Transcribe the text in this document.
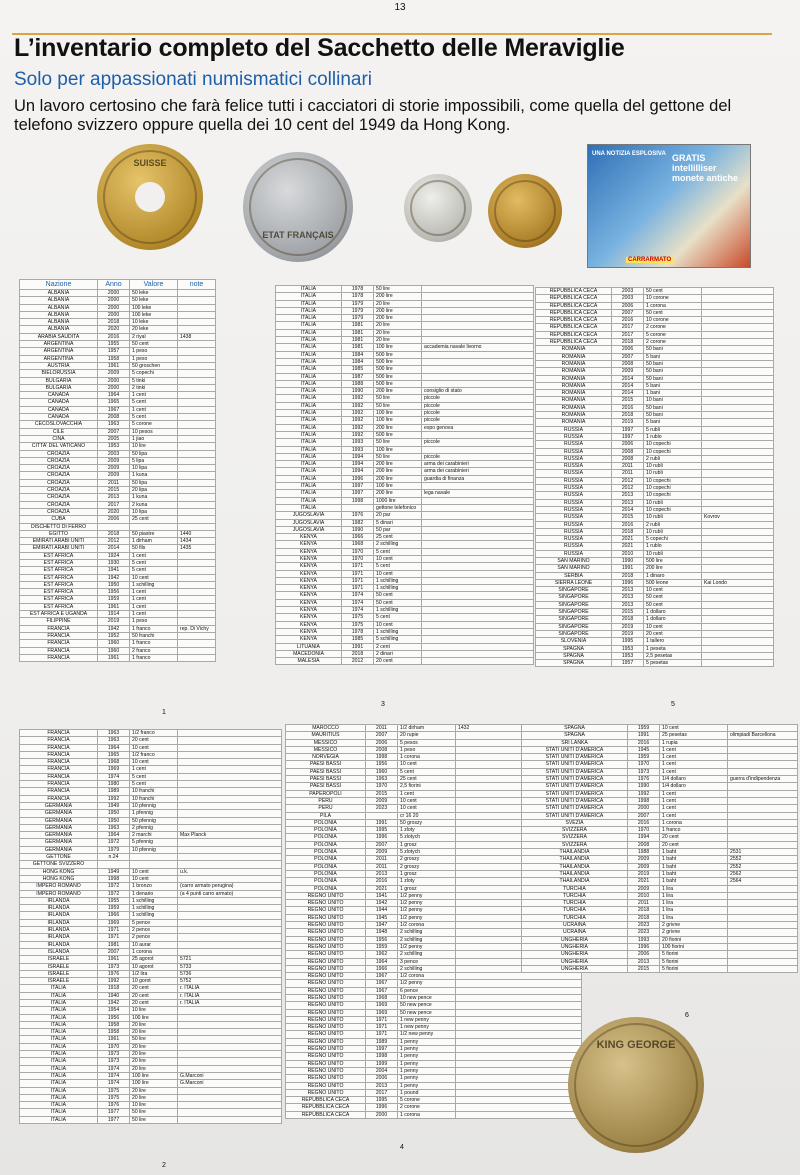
13
L’inventario completo del Sacchetto delle Meraviglie
Solo per appassionati numismatici collinari
Un lavoro certosino che farà felice tutti i cacciatori di storie impossibili, come quella del gettone del telefono svizzero oppure quella dei 10 cent del 1949 da Hong Kong.
SUISSE
ETAT FRANÇAIS
UNA NOTIZIA ESPLOSIVA GRATIS intellilliser monete antiche
CARRARMATO
Nazione	Anno	Valore	note
ALBANIA	2000	50 leke	
ALBANIA	2000	50 leke	
ALBANIA	2000	100 leke	
ALBANIA	2000	100 leke	
ALBANIA	2018	10 leke	
ALBANIA	2020	20 leke	
ARABIA SAUDITA	2016	2 riyal	1438
ARGENTINA	1955	50 cent	
ARGENTINA	1957	1 peso	
ARGENTINA	1958	1 peso	
AUSTRIA	1961	50 groschen	
BIELORUSSIA	2009	5 copechi	
BULGARIA	2000	5 tinki	
BULGARIA	2000	2 tinki	
CANADA	1964	1 cent	
CANADA	1965	5 cent	
CANADA	1967	1 cent	
CANADA	2008	5 cent	
CECOSLOVACCHIA	1963	5 corone	
CILE	2007	10 pesos	
CINA	2005	1 jiao	
CITTA' DEL VATICANO	1953	10 lire	
CROAZIA	2003	50 lipa	
CROAZIA	2009	5 lipa	
CROAZIA	2009	10 lipa	
CROAZIA	2009	1 kuna	
CROAZIA	2011	50 lipa	
CROAZIA	2015	20 lipa	
CROAZIA	2013	1 kuna	
CROAZIA	2017	2 kuna	
CROAZIA	2020	10 lipa	
CUBA	2006	25 cent	
DISCHETTO DI FERRO			
EGITTO	2018	50 piastre	1440
EMIRATI ARABI UNITI	2012	1 dirham	1434
EMIRATI ARABI UNITI	2014	50 fils	1435
EST AFRICA	1924	1 cent	
EST AFRICA	1930	5 cent	
EST AFRICA	1941	5 cent	
EST AFRICA	1942	10 cent	
EST AFRICA	1950	1 schilling	
EST AFRICA	1956	1 cent	
EST AFRICA	1959	1 cent	
EST AFRICA	1961	1 cent	
EST AFRICA E UGANDA	1914	1 cent	
FILIPPINE	2019	1 peso	
FRANCIA	1942	1 franco	rep. Di Vichy
FRANCIA	1952	50 franchi	
FRANCIA	1960	1 franco	
FRANCIA	1960	2 franco	
FRANCIA	1961	1 franco	
1
FRANCIA	1963	1/2 franco	
FRANCIA	1963	20 cent	
FRANCIA	1964	10 cent	
FRANCIA	1965	1/2 franco	
FRANCIA	1968	10 cent	
FRANCIA	1969	1 cent	
FRANCIA	1974	5 cent	
FRANCIA	1980	5 cent	
FRANCIA	1989	10 franchi	
FRANCIA	1992	10 franchi	
GERMANIA	1949	10 pfennig	
GERMANIA	1950	1 pfennig	
GERMANIA	1950	50 pfennig	
GERMANIA	1963	2 pfennig	
GERMANIA	1964	2 marchi	Max Planck
GERMANIA	1972	5 pfennig	
GERMANIA	1979	10 pfennig	
GETTONE	n.24		
GETTONE SVIZZERO			
HONG KONG	1949	10 cent	u.k.
HONG KONG	1998	10 cent	
IMPERO ROMANO	1972	1 bronzo	(carro armato perugina)
IMPERO ROMANO	1972	1 denario	(a 4 punti carro armato)
IRLANDA	1955	1 schilling	
IRLANDA	1959	1 schilling	
IRLANDA	1966	1 schilling	
IRLANDA	1969	5 pence	
IRLANDA	1971	2 pence	
IRLANDA	1971	2 pence	
IRLANDA	1981	10 aurar	
ISLANDA	2007	1 corona	
ISRAELE	1961	25 agorot	5721
ISRAELE	1973	10 agorot	5733
ISRAELE	1976	1/2 lira	5736
ISRAELE	1992	10 gorot	5752
ITALIA	1918	20 cent	r. ITALIA
ITALIA	1940	20 cent	r. ITALIA
ITALIA	1942	20 cent	r. ITALIA
ITALIA	1954	10 lire	
ITALIA	1956	100 lire	
ITALIA	1958	20 lire	
ITALIA	1958	20 lire	
ITALIA	1961	50 lire	
ITALIA	1970	20 lire	
ITALIA	1973	20 lire	
ITALIA	1973	20 lire	
ITALIA	1974	20 lire	
ITALIA	1974	100 lire	G.Marconi
ITALIA	1974	100 lire	G.Marconi
ITALIA	1975	20 lire	
ITALIA	1975	20 lire	
ITALIA	1976	10 lire	
ITALIA	1977	50 lire	
ITALIA	1977	50 lire	
2
ITALIA	1978	50 lire	
ITALIA	1978	200 lire	
ITALIA	1979	20 lire	
ITALIA	1979	200 lire	
ITALIA	1979	200 lire	
ITALIA	1981	20 lire	
ITALIA	1981	20 lire	
ITALIA	1981	20 lire	
ITALIA	1981	100 lire	accademia navale livorno
ITALIA	1984	500 lire	
ITALIA	1984	500 lire	
ITALIA	1985	500 lire	
ITALIA	1987	500 lire	
ITALIA	1988	500 lire	
ITALIA	1990	200 lire	consiglio di stato
ITALIA	1992	50 lire	piccole
ITALIA	1992	50 lire	piccole
ITALIA	1992	100 lire	piccole
ITALIA	1992	100 lire	piccole
ITALIA	1992	200 lire	expo genova
ITALIA	1992	500 lire	
ITALIA	1993	50 lire	piccole
ITALIA	1993	100 lire	
ITALIA	1994	50 lire	piccole
ITALIA	1994	200 lire	arma dei carabinieri
ITALIA	1994	200 lire	arma dei carabinieri
ITALIA	1996	200 lire	guardia di finanza
ITALIA	1997	100 lire	
ITALIA	1997	200 lire	lega navale
ITALIA	1998	1000 lire	
ITALIA		gettone telefonico	
JUGOSLAVIA	1976	20 par	
JUGOSLAVIA	1982	5 dinari	
JUGOSLAVIA	1990	50 par	
KENYA	1966	25 cent	
KENYA	1968	2 schilling	
KENYA	1970	5 cent	
KENYA	1970	10 cent	
KENYA	1971	5 cent	
KENYA	1971	10 cent	
KENYA	1971	1 schilling	
KENYA	1971	1 schilling	
KENYA	1974	50 cent	
KENYA	1974	50 cent	
KENYA	1974	1 schilling	
KENYA	1975	5 cent	
KENYA	1975	10 cent	
KENYA	1978	1 schilling	
KENYA	1985	5 schilling	
LITUANIA	1991	2 cent	
MACEDONIA	2018	2 dinari	
MALESIA	2012	20 cent	
3
MAROCCO	2011	1/2 dirham	1432
MAURITIUS	2007	20 rupie	
MESSICO	2006	5 pesos	
MESSICO	2008	1 peso	
NORVEGIA	1998	1 corona	
PAESI BASSI	1956	10 cent	
PAESI BASSI	1960	5 cent	
PAESI BASSI	1963	25 cent	
PAESI BASSI	1970	2,5 fiorini	
PAPEROPOLI	2015	1 cent	
PERU	2009	10 cent	
PERU	2023	10 cent	
PILA		cr 16 20	
POLONIA	1991	50 groszy	
POLONIA	1995	1 zloty	
POLONIA	1996	5 zlotych	
POLONIA	2007	1 grosz	
POLONIA	2009	5 zlotych	
POLONIA	2011	2 groszy	
POLONIA	2011	2 groszy	
POLONIA	2013	1 grosz	
POLONIA	2016	1 zloty	
POLONIA	2021	1 grosz	
REGNO UNITO	1941	1/2 penny	
REGNO UNITO	1942	1/2 penny	
REGNO UNITO	1944	1/2 penny	
REGNO UNITO	1945	1/2 penny	
REGNO UNITO	1947	1/2 corona	
REGNO UNITO	1948	2 schilling	
REGNO UNITO	1956	2 schilling	
REGNO UNITO	1959	1/2 penny	
REGNO UNITO	1962	2 schilling	
REGNO UNITO	1964	3 pence	
REGNO UNITO	1966	2 schilling	
REGNO UNITO	1967	1/2 corona	
REGNO UNITO	1967	1/2 penny	
REGNO UNITO	1967	6 pence	
REGNO UNITO	1968	10 new pence	
REGNO UNITO	1969	50 new pence	
REGNO UNITO	1969	50 new pence	
REGNO UNITO	1971	1 new penny	
REGNO UNITO	1971	1 new penny	
REGNO UNITO	1971	1/2 new penny	
REGNO UNITO	1989	1 penny	
REGNO UNITO	1997	1 penny	
REGNO UNITO	1998	1 penny	
REGNO UNITO	1999	1 penny	
REGNO UNITO	2004	1 penny	
REGNO UNITO	2006	1 penny	
REGNO UNITO	2013	1 penny	
REGNO UNITO	2017	1 pound	
REPUBBLICA CECA	1995	5 corone	
REPUBBLICA CECA	1996	2 corone	
REPUBBLICA CECA	2000	1 corona	
4
REPUBBLICA CECA	2003	50 cent	
REPUBBLICA CECA	2003	10 corone	
REPUBBLICA CECA	2006	1 corona	
REPUBBLICA CECA	2007	50 cent	
REPUBBLICA CECA	2016	10 corone	
REPUBBLICA CECA	2017	2 corone	
REPUBBLICA CECA	2017	5 corone	
REPUBBLICA CECA	2018	2 corone	
ROMANIA	2006	50 bani	
ROMANIA	2007	5 bani	
ROMANIA	2008	50 bani	
ROMANIA	2009	50 bani	
ROMANIA	2014	50 bani	
ROMANIA	2014	5 bani	
ROMANIA	2014	1 bani	
ROMANIA	2015	10 bani	
ROMANIA	2016	50 bani	
ROMANIA	2018	50 bani	
ROMANIA	2019	5 bani	
RUSSIA	1997	5 rubli	
RUSSIA	1997	1 rublo	
RUSSIA	2006	10 copechi	
RUSSIA	2008	10 copechi	
RUSSIA	2008	2 rubli	
RUSSIA	2011	10 rubli	
RUSSIA	2011	10 rubli	
RUSSIA	2012	10 copechi	
RUSSIA	2012	10 copechi	
RUSSIA	2013	10 copechi	
RUSSIA	2013	10 rubli	
RUSSIA	2014	10 copechi	
RUSSIA	2015	10 rubli	Kovrov
RUSSIA	2016	2 rubli	
RUSSIA	2018	10 rubli	
RUSSIA	2021	5 copechi	
RUSSIA	2021	1 rublo	
RUSSIA	2010	10 rubli	
SAN MARINO	1990	500 lire	
SAN MARINO	1991	200 lire	
SERBIA	2018	1 dinaro	
SIERRA LEONE	1996	500 leone	Kai Londo
SINGAPORE	2013	10 cent	
SINGAPORE	2013	50 cent	
SINGAPORE	2013	50 cent	
SINGAPORE	2015	1 dollaro	
SINGAPORE	2018	1 dollaro	
SINGAPORE	2019	10 cent	
SINGAPORE	2019	20 cent	
SLOVENIA	1995	1 tallero	
SPAGNA	1953	1 peseta	
SPAGNA	1953	2,5 pesetas	
SPAGNA	1957	5 pesetas	
5
SPAGNA	1959	10 cent	
SPAGNA	1991	25 pesetas	olimpiadi Barcellona
SRI LANKA	2016	1 rupia	
STATI UNITI D'AMERICA	1945	1 cent	
STATI UNITI D'AMERICA	1959	1 cent	
STATI UNITI D'AMERICA	1970	1 cent	
STATI UNITI D'AMERICA	1973	1 cent	
STATI UNITI D'AMERICA	1976	1/4 dollaro	guerra d'indipendenza
STATI UNITI D'AMERICA	1990	1/4 dollaro	
STATI UNITI D'AMERICA	1992	1 cent	
STATI UNITI D'AMERICA	1998	1 cent	
STATI UNITI D'AMERICA	2000	1 cent	
STATI UNITI D'AMERICA	2007	1 cent	
SVEZIA	2016	1 corona	
SVIZZERA	1970	1 franco	
SVIZZERA	1994	20 cent	
SVIZZERA	2008	20 cent	
THAILANDIA	1988	1 baht	2531
THAILANDIA	2009	1 baht	2552
THAILANDIA	2009	1 baht	2552
THAILANDIA	2019	1 baht	2562
THAILANDIA	2021	1 baht	2564
TURCHIA	2009	1 lira	
TURCHIA	2010	1 lira	
TURCHIA	2011	1 lira	
TURCHIA	2018	1 lira	
TURCHIA	2018	1 lira	
UCRAINA	2023	2 grivne	
UCRAINA	2023	2 grivne	
UNGHERIA	1993	20 fiorini	
UNGHERIA	1996	100 fiorini	
UNGHERIA	2006	5 fiorini	
UNGHERIA	2013	5 fiorini	
UNGHERIA	2015	5 fiorini	
6
KING GEORGE
